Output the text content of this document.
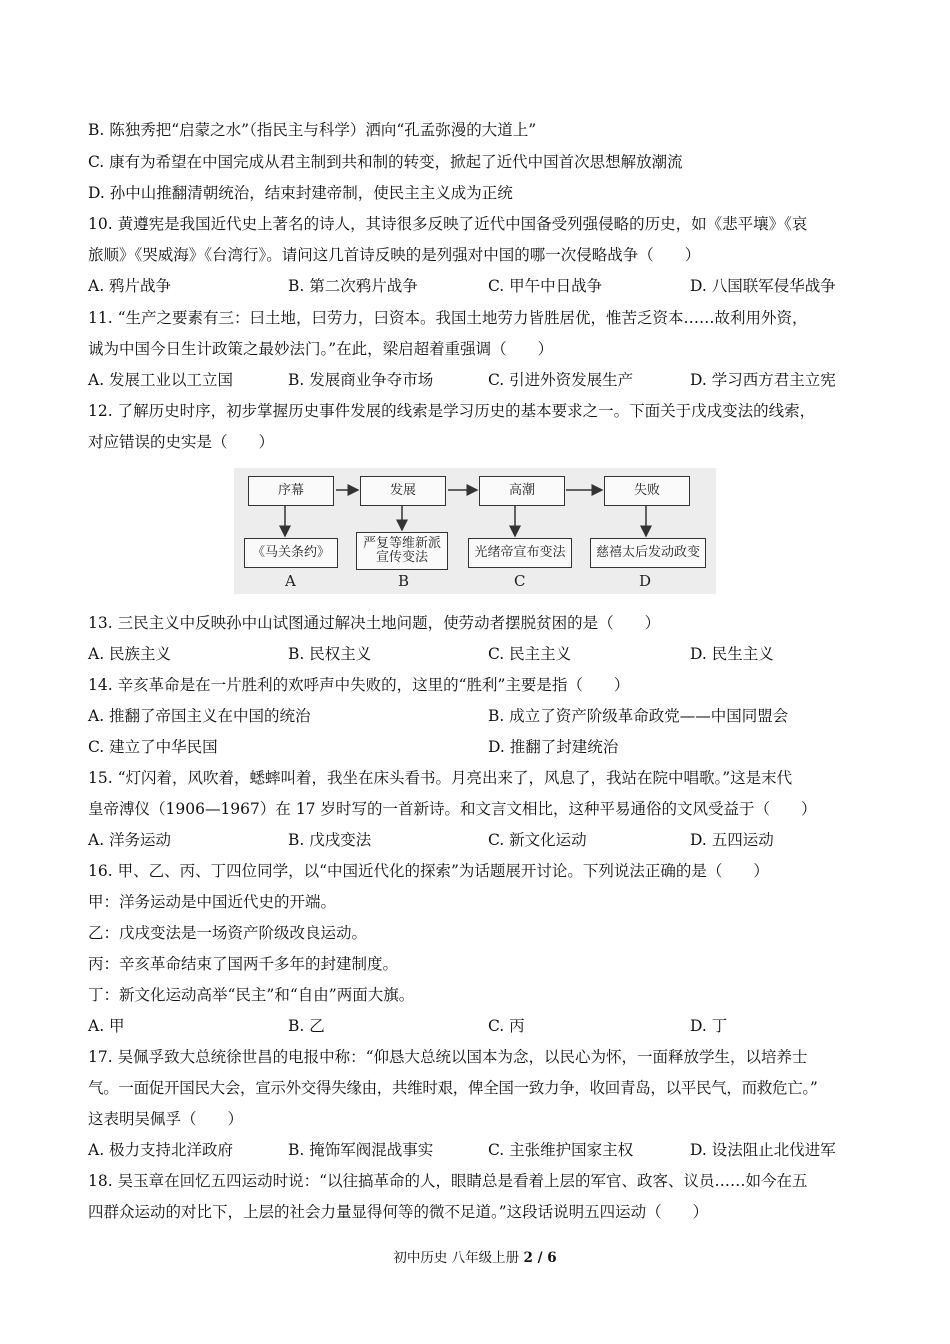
B. 陈独秀把“启蒙之水”（指民主与科学）洒向“孔孟弥漫的大道上”
C. 康有为希望在中国完成从君主制到共和制的转变，掀起了近代中国首次思想解放潮流
D. 孙中山推翻清朝统治，结束封建帝制，使民主主义成为正统
10. 黄遵宪是我国近代史上著名的诗人，其诗很多反映了近代中国备受列强侵略的历史，如《悲平壤》《哀
旅顺》《哭威海》《台湾行》。请问这几首诗反映的是列强对中国的哪一次侵略战争（　　）
A. 鸦片战争	B. 第二次鸦片战争	C. 甲午中日战争	D. 八国联军侵华战争
11. “生产之要素有三：曰土地，曰劳力，曰资本。我国土地劳力皆胜居优，惟苦乏资本……故利用外资，
诚为中国今日生计政策之最妙法门。”在此，梁启超着重强调（　　）
A. 发展工业以工立国	B. 发展商业争夺市场	C. 引进外资发展生产	D. 学习西方君主立宪
12. 了解历史时序，初步掌握历史事件发展的线索是学习历史的基本要求之一。下面关于戊戌变法的线索，
对应错误的史实是（　　）
序幕	发展	高潮	失败
《马关条约》
严复等维新派宣传变法	光绪帝宣布变法	慈禧太后发动政变
A	B	C	D
13. 三民主义中反映孙中山试图通过解决土地问题，使劳动者摆脱贫困的是（　　）
A. 民族主义	B. 民权主义	C. 民主主义	D. 民生主义
14. 辛亥革命是在一片胜利的欢呼声中失败的，这里的“胜利”主要是指（　　）
A. 推翻了帝国主义在中国的统治	B. 成立了资产阶级革命政党——中国同盟会
C. 建立了中华民国	D. 推翻了封建统治
15. “灯闪着，风吹着，蟋蟀叫着，我坐在床头看书。月亮出来了，风息了，我站在院中唱歌。”这是末代
皇帝溥仪（1906—1967）在 17 岁时写的一首新诗。和文言文相比，这种平易通俗的文风受益于（　　）
A. 洋务运动	B. 戊戌变法	C. 新文化运动	D. 五四运动
16. 甲、乙、丙、丁四位同学，以“中国近代化的探索”为话题展开讨论。下列说法正确的是（　　）
甲：洋务运动是中国近代史的开端。
乙：戊戌变法是一场资产阶级改良运动。
丙：辛亥革命结束了国两千多年的封建制度。
丁：新文化运动高举“民主”和“自由”两面大旗。
A. 甲	B. 乙	C. 丙	D. 丁
17. 吴佩孚致大总统徐世昌的电报中称：“仰恳大总统以国本为念，以民心为怀，一面释放学生，以培养士
气。一面促开国民大会，宣示外交得失缘由，共维时艰，俾全国一致力争，收回青岛，以平民气，而救危亡。”
这表明吴佩孚（　　）
A. 极力支持北洋政府	B. 掩饰军阀混战事实	C. 主张维护国家主权	D. 设法阻止北伐进军
18. 吴玉章在回忆五四运动时说：“以往搞革命的人，眼睛总是看着上层的军官、政客、议员……如今在五
四群众运动的对比下，上层的社会力量显得何等的微不足道。”这段话说明五四运动（　　）
初中历史 八年级上册 2 / 6
